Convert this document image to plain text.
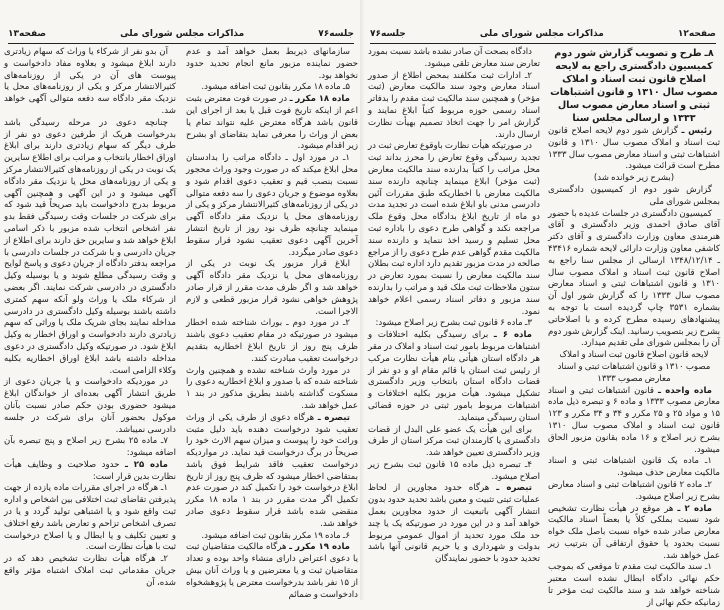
صفحه۱۳	مذاکرات مجلس شورای ملی	جلسه۷۶

سازمانهای ذیربط بعمل خواهد آمد و عدم حضور نماینده مزبور مانع انجام تحدید حدود نخواهد بود.

۵ـ ماده ۱۸ مکرر بقانون ثبت اضافه میشود.

ماده ۱۸ مکرر ـ در صورت فوت معترض بثبت اعم از اینکه تاریخ فوت قبل یا بعد از اجرای این قانون باشد هرگاه معترض علیه نتواند تمام یا بعض از وراث را معرفی نماید بتقاضای او بشرح زیر اقدام میشود.

۱ـ در مورد اول ـ دادگاه مراتب را بدادستان محل ابلاغ میکند که در صورت وجود وراث محجور نسبت بنصب قیم و تعقیب دعوی اقدام شود و بعلاوه موضوع و جریان دعوی را سه دفعه متوالی در یکی از روزنامه‌های کثیرالانتشار مرکز و یکی از روزنامه‌های محل یا نزدیک مقر دادگاه آگهی مینماید چنانچه ظرف نود روز از تاریخ انتشار آخرین آگهی دعوی تعقیب نشود قرار سقوط دعوی صادر میگردد.

ابلاغ قرار مزبور یک نوبت در یکی از روزنامه‌های محل یا نزدیک مقر دادگاه آگهی خواهد شد و اگر ظرف مدت مقرر از قرار صادر پژوهش خواهی نشود قرار مزبور قطعی و لازم الاجرا است.

۲ـ در مورد دوم ـ بوراث شناخته شده اخطار میشود در صورتیکه در مقام تعقیب دعوی باشند ظرف پنج روز از تاریخ ابلاغ اخطاریه بتقدیم درخواست تعقیب مبادرت کنند.

در مورد وارث شناخته نشده و همچنین وارث شناخته شده که با صدور و ابلاغ اخطاریه دعوی را مسکوت گذاشته باشند بطریق مذکور در بند ۱ عمل خواهد شد.

تبصره ـ هرگاه دعوی از طرف یکی از وراث تعقیب شود درخواست دهنده باید دلیل مثبت وراثت خود را پیوست و میزان سهم الارث خود را صریحاً در برگ درخواست قید نماید. در مواردیکه درخواست تعقیب فاقد شرایط فوق باشد بمتقاضی اخطار میشود که ظرف پنج روز از تاریخ ابلاغ درخواست خود را تکمیل کند در صورت عدم تکمیل اگر مدت مقرر در بند ۱ ماده ۱۸ مکرر منقضی شده باشد قرار سقوط دعوی صادر خواهد شد.

۶ـ ماده ۱۹ مکرر بقانون ثبت اضافه میشود.

ماده ۱۹ مکرر ـ هرگاه مالکیت متقاضیان ثبت یا دعوی اعتراض دارای منشاء واحد بوده و تعداد متقاضیان ثبت و یا معترضین و یا وراث آنان بیش از ۱۵ نفر باشد بدرخواست معترض یا پژوهشخواه دادخواست و ضمائم

آن بدو نفر از شرکاء یا وراث که سهام زیادتری دارند ابلاغ میشود و بعلاوه مفاد دادخواست و پیوست های آن در یکی از روزنامه‌های کثیرالانتشار مرکز و یکی از روزنامه‌های محل یا نزدیک مقر دادگاه سه دفعه متوالی آگهی خواهد شد.

چنانچه دعوی در مرحله رسیدگی باشد بدرخواست هریک از طرفین دعوی دو نفر از طرف دیگر که سهام زیادتری دارند برای ابلاغ اوراق اخطار بانتخاب و مراتب برای اطلاع سایرین یک نوبت در یکی از روزنامه‌های کثیرالانتشار مرکز و یکی از روزنامه‌های محل یا نزدیک مقر دادگاه آگهی میشود و در این آگهی و همچنین آگهی مربوط بدرج دادخواست باید صریحاً قید شود که برای شرکت در جلسات وقت رسیدگی فقط بدو نفر اشخاص انتخاب شده مزبور با ذکر اسامی ابلاغ خواهد شد و سایرین حق دارند برای اطلاع از جریان دادرسی و با شرکت در جلسات دادرسی با مراجعه بدفتر دادگاه از جریان دعوی و پاسخ لوایح و وقت رسیدگی مطلع شوند و یا بوسیله وکیل دادگستری در دادرسی شرکت نمایند. اگر بعضی از شرکاء ملک یا وراث ولو آنکه سهم کمتری داشته باشند بوسیله وکیل دادگستری در دادرسی مداخله نمایند بجای شریک ملک یا وراثی که سهم زیادتری دارند دادخواست و اوراق اخطار به وکیل ابلاغ شود. در صورتیکه وکیل دادگستری در دعوی مداخله داشته باشد ابلاغ اوراق اخطاریه بکلیه وکلاء الزامی است.

در موردیکه دادخواست و یا جریان دعوی از طریق انتشار آگهی بعده‌ای از خواندگان ابلاغ میشود حضوری بودن حکم صادر نسبت بآنان موکول بحضور آنان برای شرکت در جلسه دادرسی نمیباشد.

۷ـ ماده ۲۵ بشرح زیر اصلاح و پنج تبصره بآن اضافه میشود:

ماده ۲۵ ـ حدود صلاحیت و وظایف هیأت نظارت بدین قرار است:

۱ـ هرگاه در اجرای مقررات ماده یازده از جهت پذیرفتن تقاضای ثبت اختلافی بین اشخاص و اداره ثبت واقع شود و یا اشتباهی تولید گردد و یا در تصرف اشخاص تزاحم و تعارض باشد رفع اختلاف و تعیین تکلیف و یا ابطال و یا اصلاح درخواست ثبت با هیأت نظارت است.

۲ـ هرگاه هیأت نظارت تشخیص دهد که در جریان مقدماتی ثبت املاک اشتباه مؤثر واقع شده، آن

جلسه۷۶	مذاکرات مجلس شورای ملی	صفحه۱۲

۸ـ طرح و تصویب گزارش شور دوم کمیسیون دادگستری راجع به لایحه اصلاح قانون ثبت اسناد و املاک مصوب سال ۱۳۱۰ و قانون اشتباهات ثبتی و اسناد معارض مصوب سال ۱۳۳۳ و ارسالی مجلس سنا

رئیس ـ گزارش شور دوم لایحه اصلاح قانون ثبت اسناد و املاک مصوب سال ۱۳۱۰ و قانون اشتباهات ثبتی و اسناد معارض مصوب سال ۱۳۳۳ مطرح است قرائت میشود.

(بشرح زیر خوانده شد)

گزارش شور دوم از کمیسیون دادگستری بمجلس شورای ملی

کمیسیون دادگستری در جلسات عدیده با حضور آقای صادق احمدی وزیر دادگستری و آقای هنرمندی معاون وزارت دادگستری و آقای دکتر کاشفی معاون وزارت دارائی لایحه شماره ۴۳۴۱۶ ـ ۱۳۴۸/۱۲/۱۴ ارسالی از مجلس سنا راجع به اصلاح قانون ثبت اسناد و املاک مصوب سال ۱۳۱۰ و قانون اشتباهات ثبتی و اسناد معارض مصوب سال ۱۳۳۳ را که گزارش شور اول آن بشماره ۳۵۳۱ چاپ گردیده است با توجه به پیشنهادهای رسیده مطرح کرده و با اصلاحاتی بشرح زیر بتصویب رسانید. اینک گزارش شور دوم آن را بمجلس شورای ملی تقدیم میدارد.

لایحه قانون اصلاح قانون ثبت اسناد و املاک مصوب ۱۳۱۰ و قانون اشتباهات ثبتی و اسناد معارض مصوب ۱۳۳۳

ماده واحده ـ قانون اشتباهات ثبتی و اسناد معارض مصوب ۱۳۳۳ و ماده ۶ و تبصره ذیل ماده ۱۵ و مواد ۲۵ و ۲۵ مکرر و ۳۴ و ۳۴ مکرر و ۱۲۳ قانون ثبت اسناد و املاک مصوب سال ۱۳۱۰ بشرح زیر اصلاح و ۱۶ ماده بقانون مزبور الحاق میشود.

۱ـ ماده یک قانون اشتباهات ثبتی و اسناد مالکیت معارض حذف میشود.

۲ـ ماده ۲ قانون اشتباهات ثبتی و اسناد معارض بشرح زیر اصلاح میشود.

ماده ۲ ـ هر موقع در هیأت نظارت تشخیص شود نسبت بملکی کلاً یا بعضاً اسناد مالکیت معارض صادر شده خواه نسبت باصل ملک خواه نسبت بحدود یا حقوق ارتفاقی آن بترتیب زیر عمل خواهد شد.

۱ـ سند مالکیت ثبت مقدم تا موقعی که بموجب حکم نهائی دادگاه ابطال نشده است معتبر شناخته خواهد شد و سند مالکیت ثبت مؤخر تا زمانیکه حکم نهائی از

دادگاه بصحت آن صادر نشده باشد نسبت بمورد تعارض سند معارض تلقی میشود.

۲ـ ادارات ثبت مکلفند بمحض اطلاع از صدور اسناد معارض وجود سند مالکیت معارض (ثبت مؤخر) و همچنین سند مالکیت ثبت مقدم را بدفاتر اسناد رسمی حوزه مربوط کتباً ابلاغ نمایند و گزارش امر را جهت اتخاذ تصمیم بهیأت نظارت ارسال دارند.

در صورتیکه هیأت نظارت باوقوع تعارض ثبت در تجدید رسیدگی وقوع تعارض را محرز بداند ثبت محل مراتب را کتباً بدارنده سند مالکیت معارض (ثبت مؤخر) ابلاغ مینماید چنانچه دارنده سند مالکیت معارض با اخطاریکه طبق مقررات آئین دادرسی مدنی باو ابلاغ شده است در تجدید مدت دو ماه از تاریخ ابلاغ بدادگاه محل وقوع ملک مراجعه نکند و گواهی طرح دعوی را باداره ثبت محل تسلیم و رسید اخذ ننماید و دارنده سند مالکیت مقدم گواهی عدم طرح دعوی را از مراجع صالحه در مدت مزبور تقدیم دارد اداره ثبت بطلان سند مالکیت معارض را نسبت بمورد تعارض در ستون ملاحظات ثبت ملک قید و مراتب را بدارنده سند مزبور و دفاتر اسناد رسمی اعلام خواهد نمود.

۳ـ ماده ۶ قانون ثبت بشرح زیر اصلاح میشود:

ماده ۶ ـ برای رسیدگی بکلیه اختلافات و اشتباهات مربوط بامور ثبت اسناد و املاک در مقر هر دادگاه استان هیأتی بنام هیأت نظارت مرکب از رئیس ثبت استان یا قائم مقام او و دو نفر از قضات دادگاه استان بانتخاب وزیر دادگستری تشکیل میشود. هیأت مزبور بکلیه اختلافات و اشتباهات مربوط بامور ثبتی در حوزه قضائی استان رسیدگی مینماید.

برای این هیأت یک عضو علی البدل از قضات دادگستری یا کارمندان ثبت مرکز استان از طرف وزیر دادگستری تعیین خواهد شد.

۴ـ تبصره ذیل ماده ۱۵ قانون ثبت بشرح زیر اصلاح میشود.

تبصره ـ هرگاه حدود مجاورین از لحاظ عملیات ثبتی تثبیت و معین باشد تحدید حدود بدون انتشار آگهی باتبعیت از حدود مجاورین بعمل خواهد آمد و در این مورد در صورتیکه یک یا چند حد ملک مورد تحدید از اموال عمومی مربوط بدولت و شهرداری و یا حریم قانونی آنها باشد تحدید حدود با حضور نمایندگان
